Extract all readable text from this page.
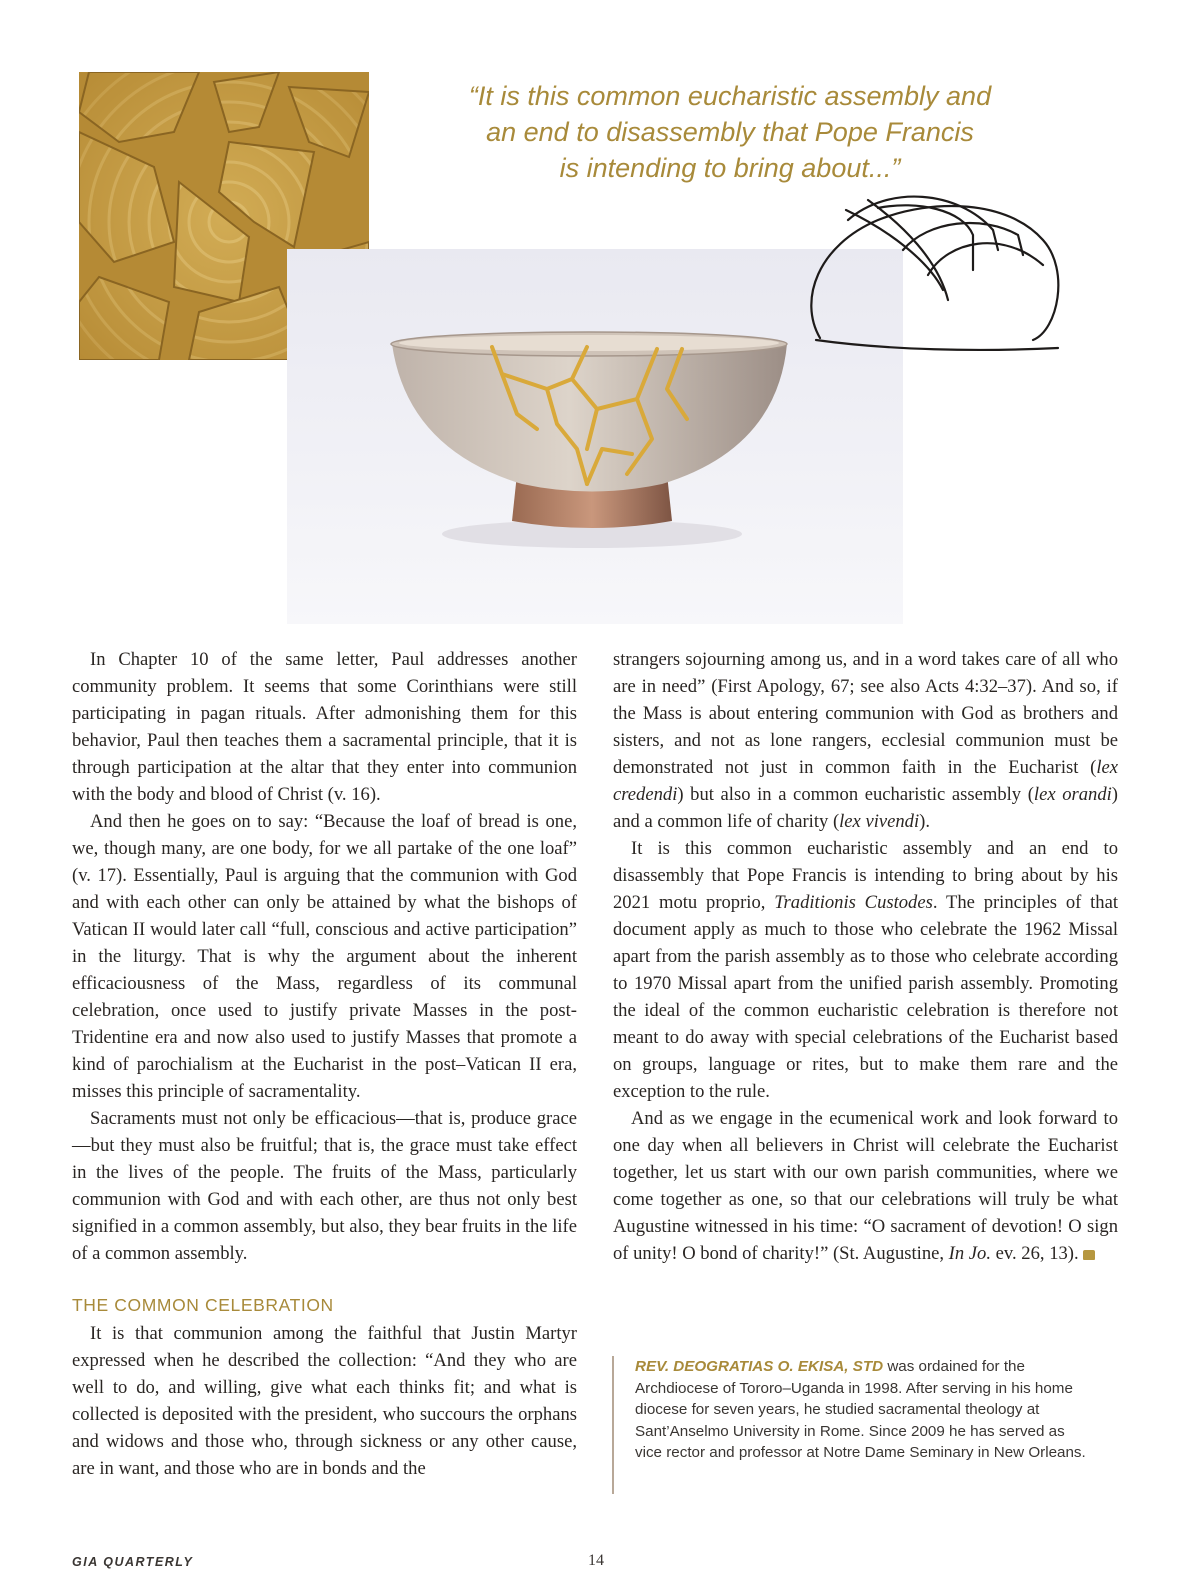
“It is this common eucharistic assembly and
an end to disassembly that Pope Francis
is intending to bring about...”

In Chapter 10 of the same letter, Paul addresses another community problem. It seems that some Corinthians were still participating in pagan rituals. After admonishing them for this behavior, Paul then teaches them a sacramental principle, that it is through participation at the altar that they enter into communion with the body and blood of Christ (v. 16).

And then he goes on to say: “Because the loaf of bread is one, we, though many, are one body, for we all partake of the one loaf” (v. 17). Essentially, Paul is arguing that the communion with God and with each other can only be attained by what the bishops of Vatican II would later call “full, conscious and active participation” in the liturgy. That is why the argument about the inherent efficaciousness of the Mass, regardless of its communal celebration, once used to justify private Masses in the post-Tridentine era and now also used to justify Masses that promote a kind of parochialism at the Eucharist in the post–Vatican II era, misses this principle of sacramentality.

Sacraments must not only be efficacious—that is, produce grace—but they must also be fruitful; that is, the grace must take effect in the lives of the people. The fruits of the Mass, particularly communion with God and with each other, are thus not only best signified in a common assembly, but also, they bear fruits in the life of a common assembly.

THE COMMON CELEBRATION

It is that communion among the faithful that Justin Martyr expressed when he described the collection: “And they who are well to do, and willing, give what each thinks fit; and what is collected is deposited with the president, who succours the orphans and widows and those who, through sickness or any other cause, are in want, and those who are in bonds and the

strangers sojourning among us, and in a word takes care of all who are in need” (First Apology, 67; see also Acts 4:32–37). And so, if the Mass is about entering communion with God as brothers and sisters, and not as lone rangers, ecclesial communion must be demonstrated not just in common faith in the Eucharist (lex credendi) but also in a common eucharistic assembly (lex orandi) and a common life of charity (lex vivendi).

It is this common eucharistic assembly and an end to disassembly that Pope Francis is intending to bring about by his 2021 motu proprio, Traditionis Custodes. The principles of that document apply as much to those who celebrate the 1962 Missal apart from the parish assembly as to those who celebrate according to 1970 Missal apart from the unified parish assembly. Promoting the ideal of the common eucharistic celebration is therefore not meant to do away with special celebrations of the Eucharist based on groups, language or rites, but to make them rare and the exception to the rule.

And as we engage in the ecumenical work and look forward to one day when all believers in Christ will celebrate the Eucharist together, let us start with our own parish communities, where we come together as one, so that our celebrations will truly be what Augustine witnessed in his time: “O sacrament of devotion! O sign of unity! O bond of charity!” (St. Augustine, In Jo. ev. 26, 13).

REV. DEOGRATIAS O. EKISA, STD was ordained for the Archdiocese of Tororo–Uganda in 1998. After serving in his home diocese for seven years, he studied sacramental theology at Sant’Anselmo University in Rome. Since 2009 he has served as vice rector and professor at Notre Dame Seminary in New Orleans.
GIA QUARTERLY	14
